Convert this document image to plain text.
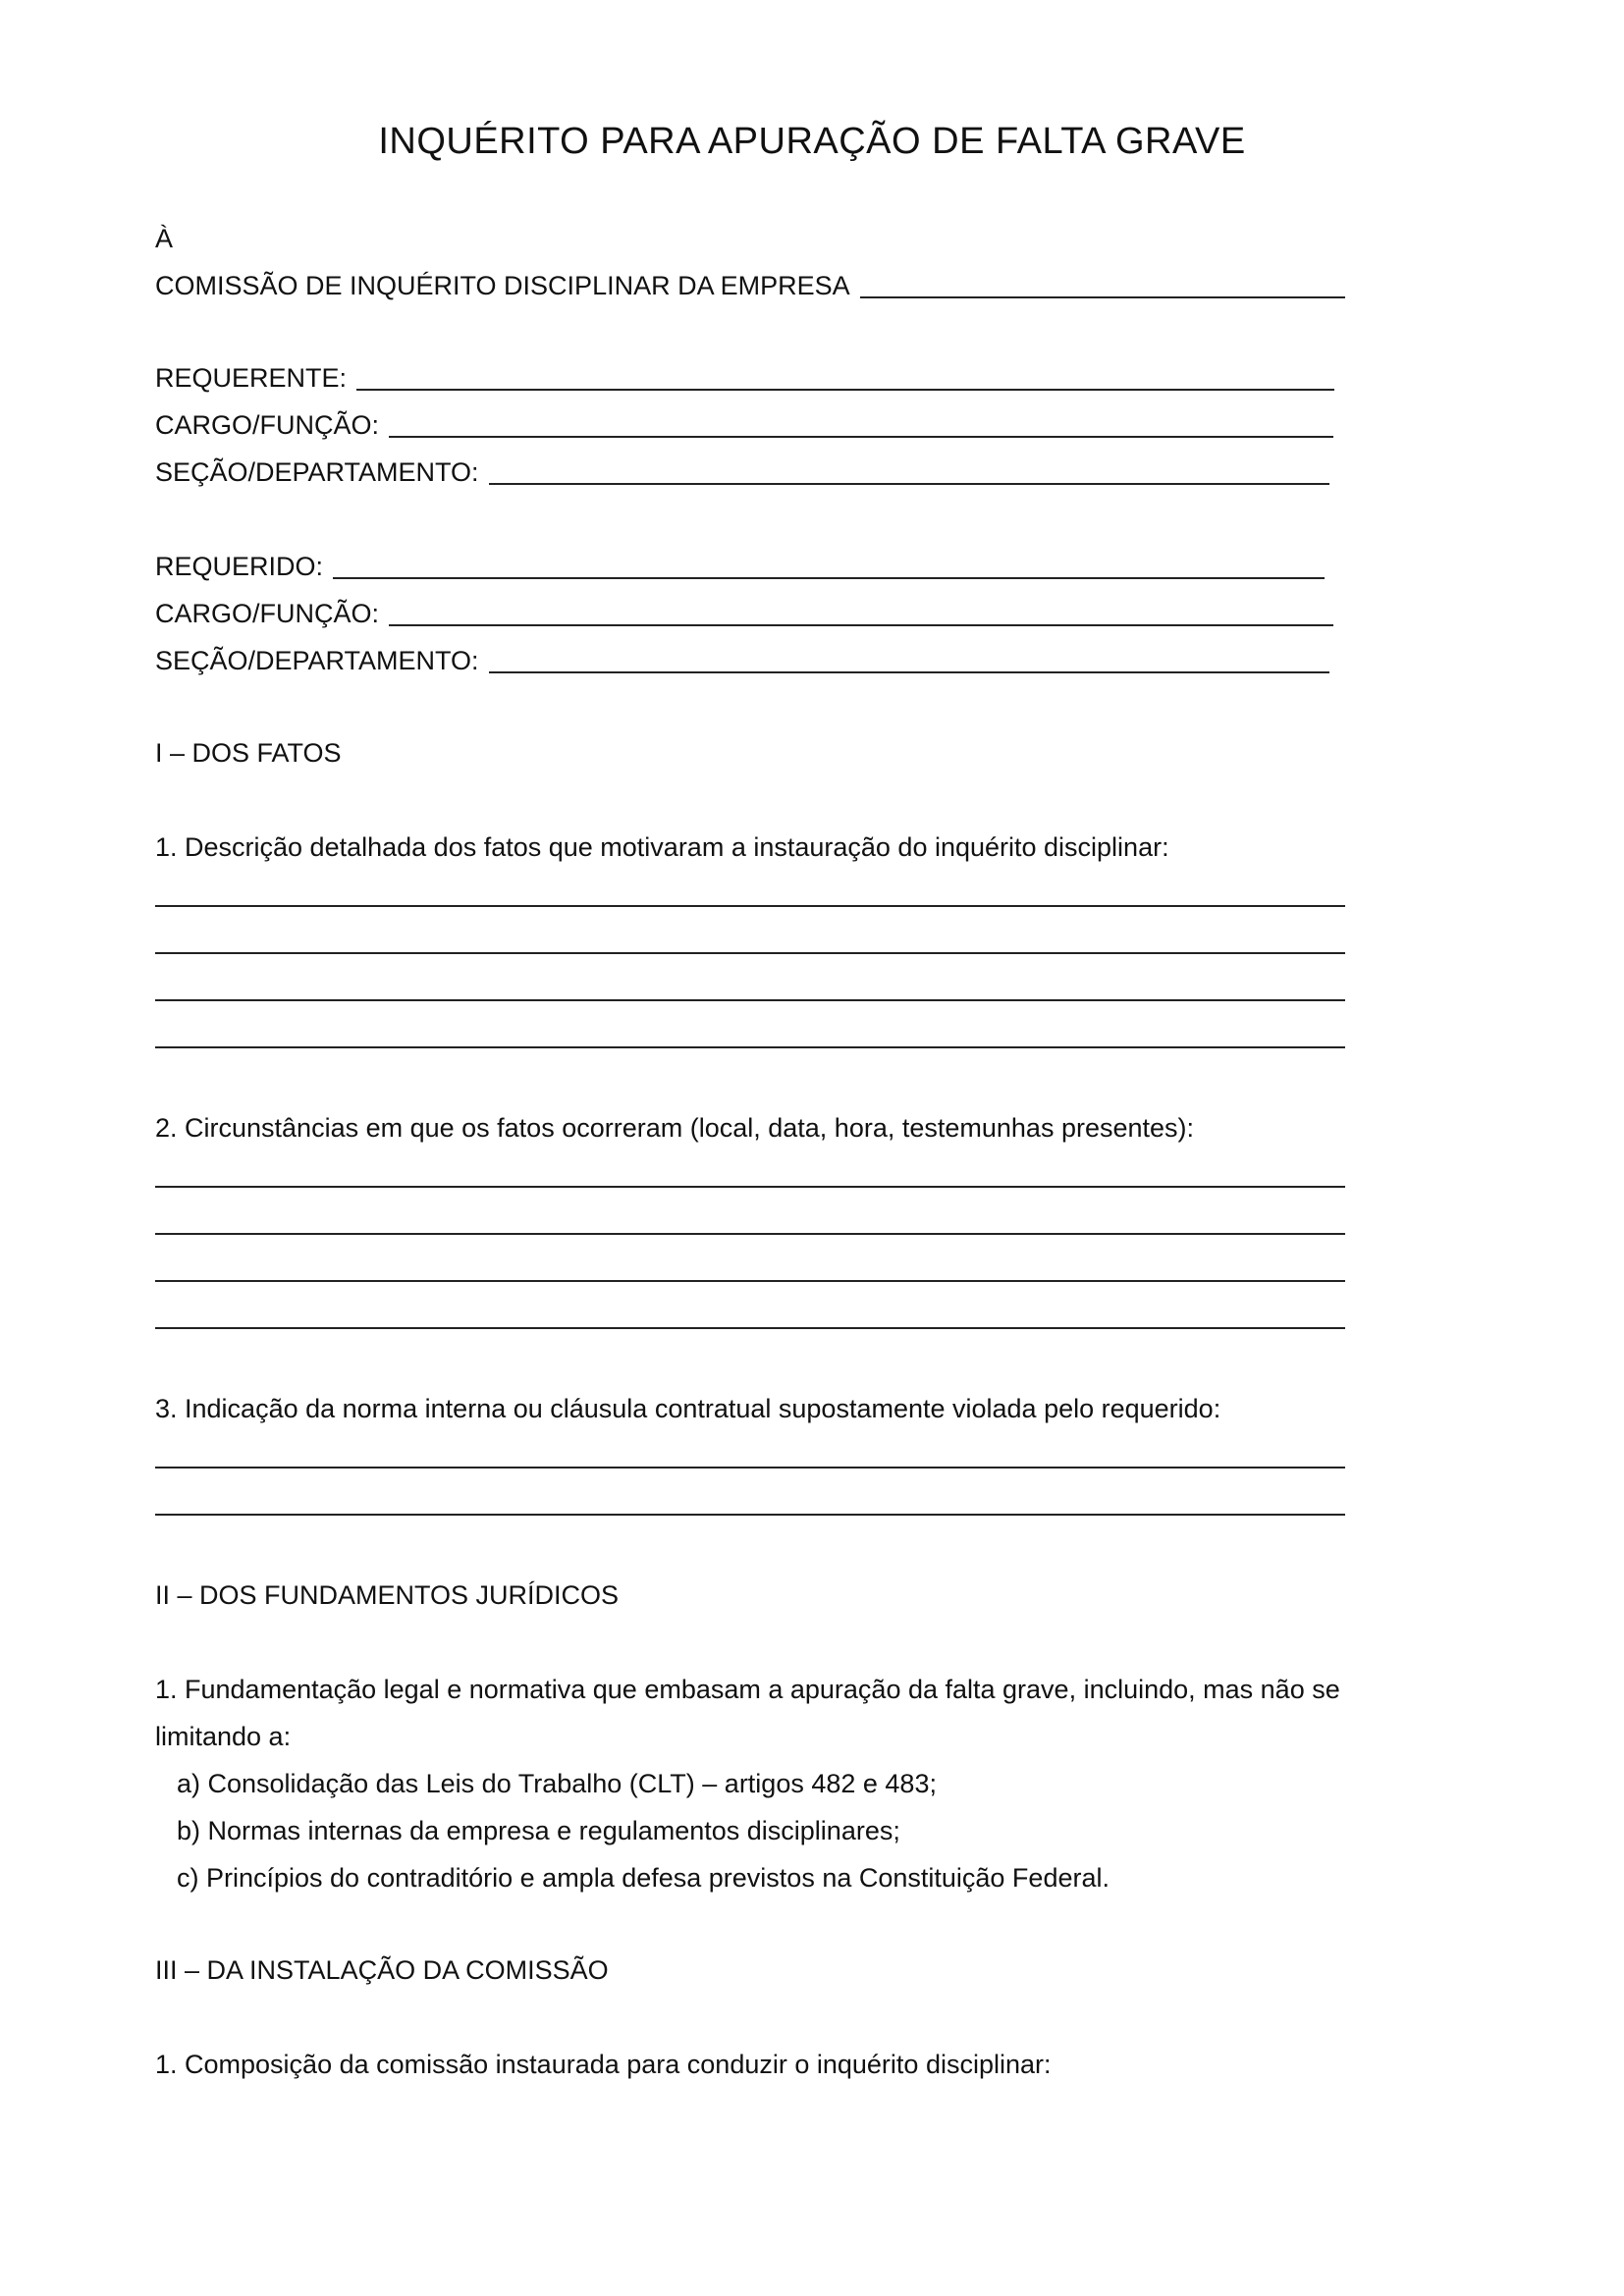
INQUÉRITO PARA APURAÇÃO DE FALTA GRAVE
À
COMISSÃO DE INQUÉRITO DISCIPLINAR DA EMPRESA
REQUERENTE:
CARGO/FUNÇÃO:
SEÇÃO/DEPARTAMENTO:
REQUERIDO:
CARGO/FUNÇÃO:
SEÇÃO/DEPARTAMENTO:
I – DOS FATOS
1. Descrição detalhada dos fatos que motivaram a instauração do inquérito disciplinar:
2. Circunstâncias em que os fatos ocorreram (local, data, hora, testemunhas presentes):
3. Indicação da norma interna ou cláusula contratual supostamente violada pelo requerido:
II – DOS FUNDAMENTOS JURÍDICOS
1. Fundamentação legal e normativa que embasam a apuração da falta grave, incluindo, mas não se
limitando a:
a) Consolidação das Leis do Trabalho (CLT) – artigos 482 e 483;
b) Normas internas da empresa e regulamentos disciplinares;
c) Princípios do contraditório e ampla defesa previstos na Constituição Federal.
III – DA INSTALAÇÃO DA COMISSÃO
1. Composição da comissão instaurada para conduzir o inquérito disciplinar:
